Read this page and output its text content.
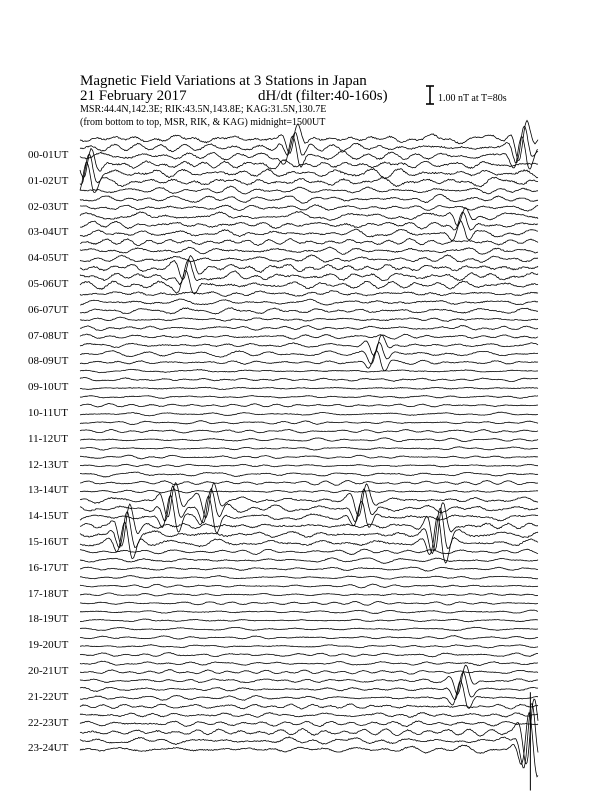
Magnetic Field Variations at 3 Stations in Japan
21 February 2017	dH/dt (filter:40-160s)
MSR:44.4N,142.3E; RIK:43.5N,143.8E; KAG:31.5N,130.7E
(from bottom to top, MSR, RIK, & KAG) midnight=1500UT
1.00 nT at T=80s
00-01UT
01-02UT
02-03UT
03-04UT
04-05UT
05-06UT
06-07UT
07-08UT
08-09UT
09-10UT
10-11UT
11-12UT
12-13UT
13-14UT
14-15UT
15-16UT
16-17UT
17-18UT
18-19UT
19-20UT
20-21UT
21-22UT
22-23UT
23-24UT
